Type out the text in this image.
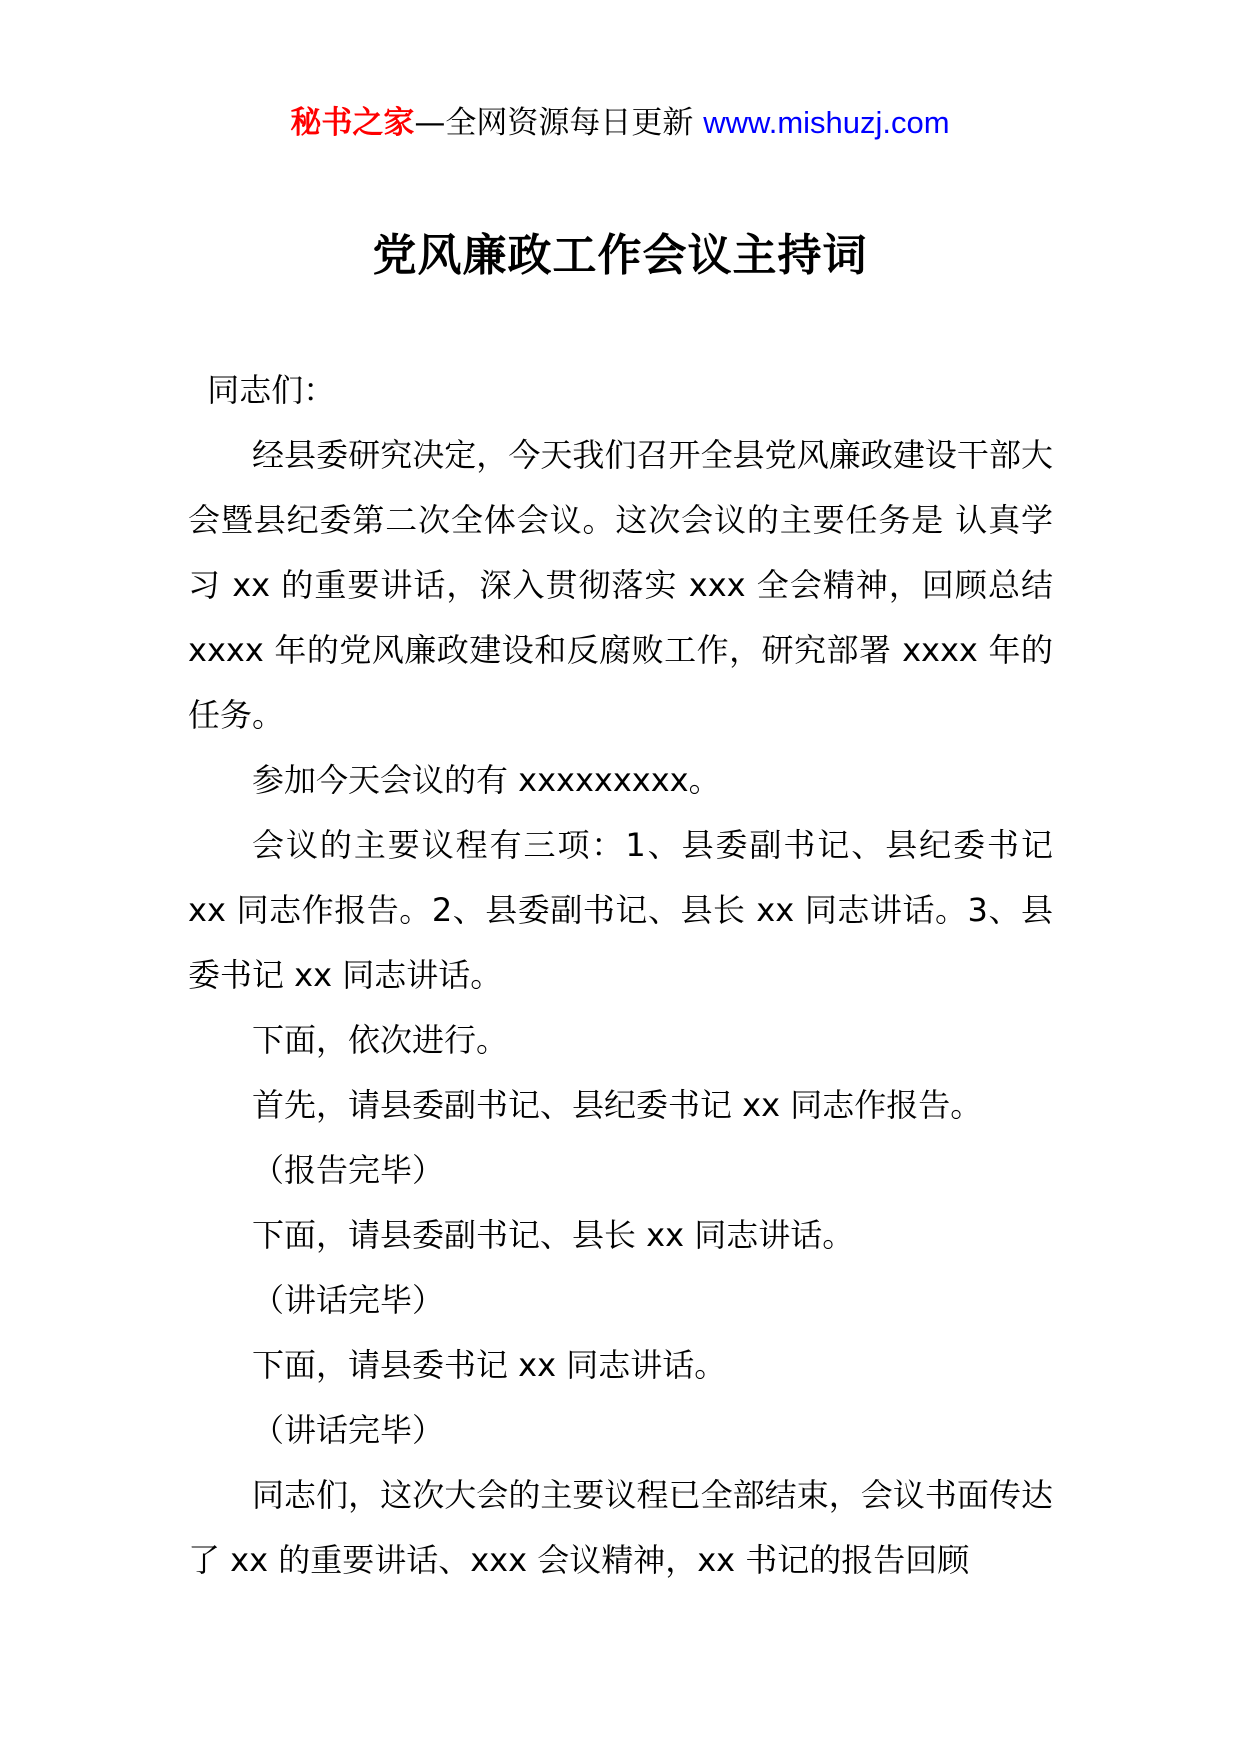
秘书之家—全网资源每日更新 www.mishuzj.com
党风廉政工作会议主持词

同志们：

经县委研究决定，今天我们召开全县党风廉政建设干部大会暨县纪委第二次全体会议。这次会议的主要任务是 认真学习 xx 的重要讲话，深入贯彻落实 xxx 全会精神，回顾总结 xxxx 年的党风廉政建设和反腐败工作，研究部署 xxxx 年的任务。

参加今天会议的有 xxxxxxxxx。

会议的主要议程有三项：1、县委副书记、县纪委书记 xx 同志作报告。2、县委副书记、县长 xx 同志讲话。3、县委书记 xx 同志讲话。

下面，依次进行。

首先，请县委副书记、县纪委书记 xx 同志作报告。

（报告完毕）

下面，请县委副书记、县长 xx 同志讲话。

（讲话完毕）

下面，请县委书记 xx 同志讲话。

（讲话完毕）

同志们，这次大会的主要议程已全部结束，会议书面传达了 xx 的重要讲话、xxx 会议精神，xx 书记的报告回顾
